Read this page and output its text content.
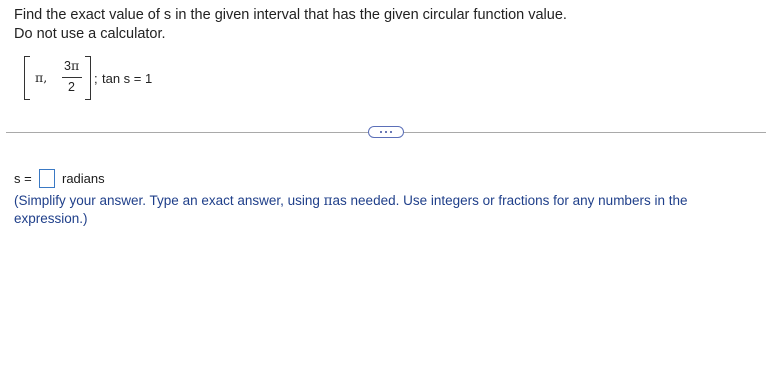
Find the exact value of s in the given interval that has the given circular function value.
Do not use a calculator.
π,
3π
2
; tan s = 1
s = radians
(Simplify your answer. Type an exact answer, using πas needed. Use integers or fractions for any numbers in the expression.)
